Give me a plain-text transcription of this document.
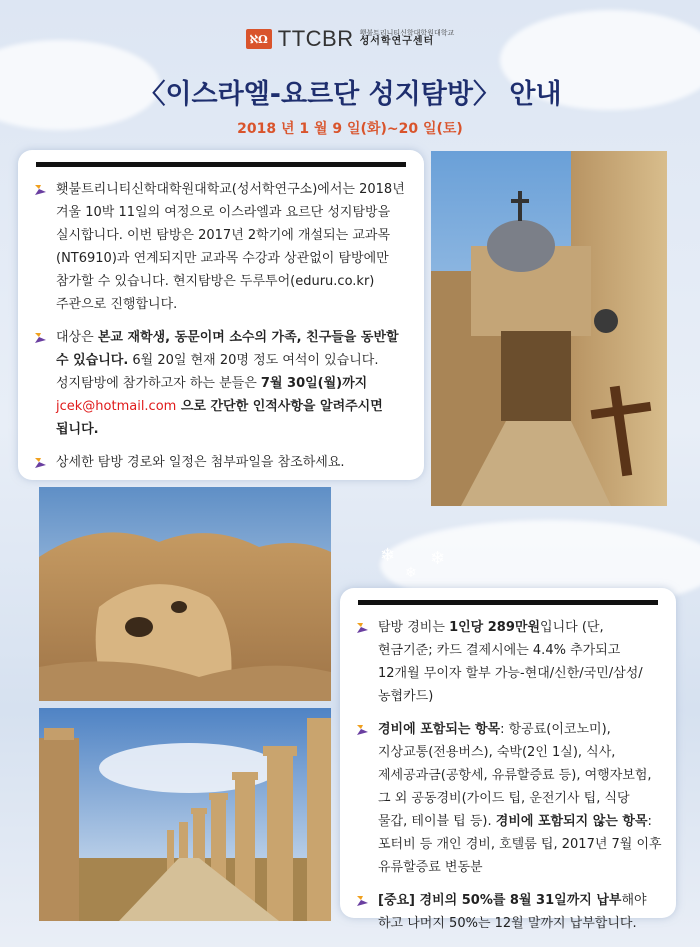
❄ ❄
❄
ℵΩ TTCBR 횃불트리니티신학대학원대학교
성서학연구센터
〈이스라엘-요르단 성지탐방〉 안내
2018 년 1 월 9 일(화)~20 일(토)
횃불트리니티신학대학원대학교(성서학연구소)에서는 2018년 겨울 10박 11일의 여정으로 이스라엘과 요르단 성지탐방을 실시합니다. 이번 탐방은 2017년 2학기에 개설되는 교과목(NT6910)과 연계되지만 교과목 수강과 상관없이 탐방에만 참가할 수 있습니다. 현지탐방은 두루투어(eduru.co.kr) 주관으로 진행합니다.
대상은 본교 재학생, 동문이며 소수의 가족, 친구들을 동반할 수 있습니다. 6월 20일 현재 20명 정도 여석이 있습니다. 성지탐방에 참가하고자 하는 분들은 7월 30일(월)까지
jcek@hotmail.com 으로 간단한 인적사항을 알려주시면 됩니다.
상세한 탐방 경로와 일정은 첨부파일을 참조하세요.
탐방 경비는 1인당 289만원입니다 (단, 현금기준; 카드 결제시에는 4.4% 추가되고 12개월 무이자 할부 가능-현대/신한/국민/삼성/농협카드)
경비에 포함되는 항목: 항공료(이코노미), 지상교통(전용버스), 숙박(2인 1실), 식사, 제세공과금(공항세, 유류할증료 등), 여행자보험, 그 외 공동경비(가이드 팁, 운전기사 팁, 식당 물갑, 테이블 팁 등). 경비에 포함되지 않는 항목: 포터비 등 개인 경비, 호텔룸 팁, 2017년 7월 이후 유류할증료 변동분
[중요] 경비의 50%를 8월 31일까지 납부해야 하고 나머지 50%는 12월 말까지 납부합니다.
